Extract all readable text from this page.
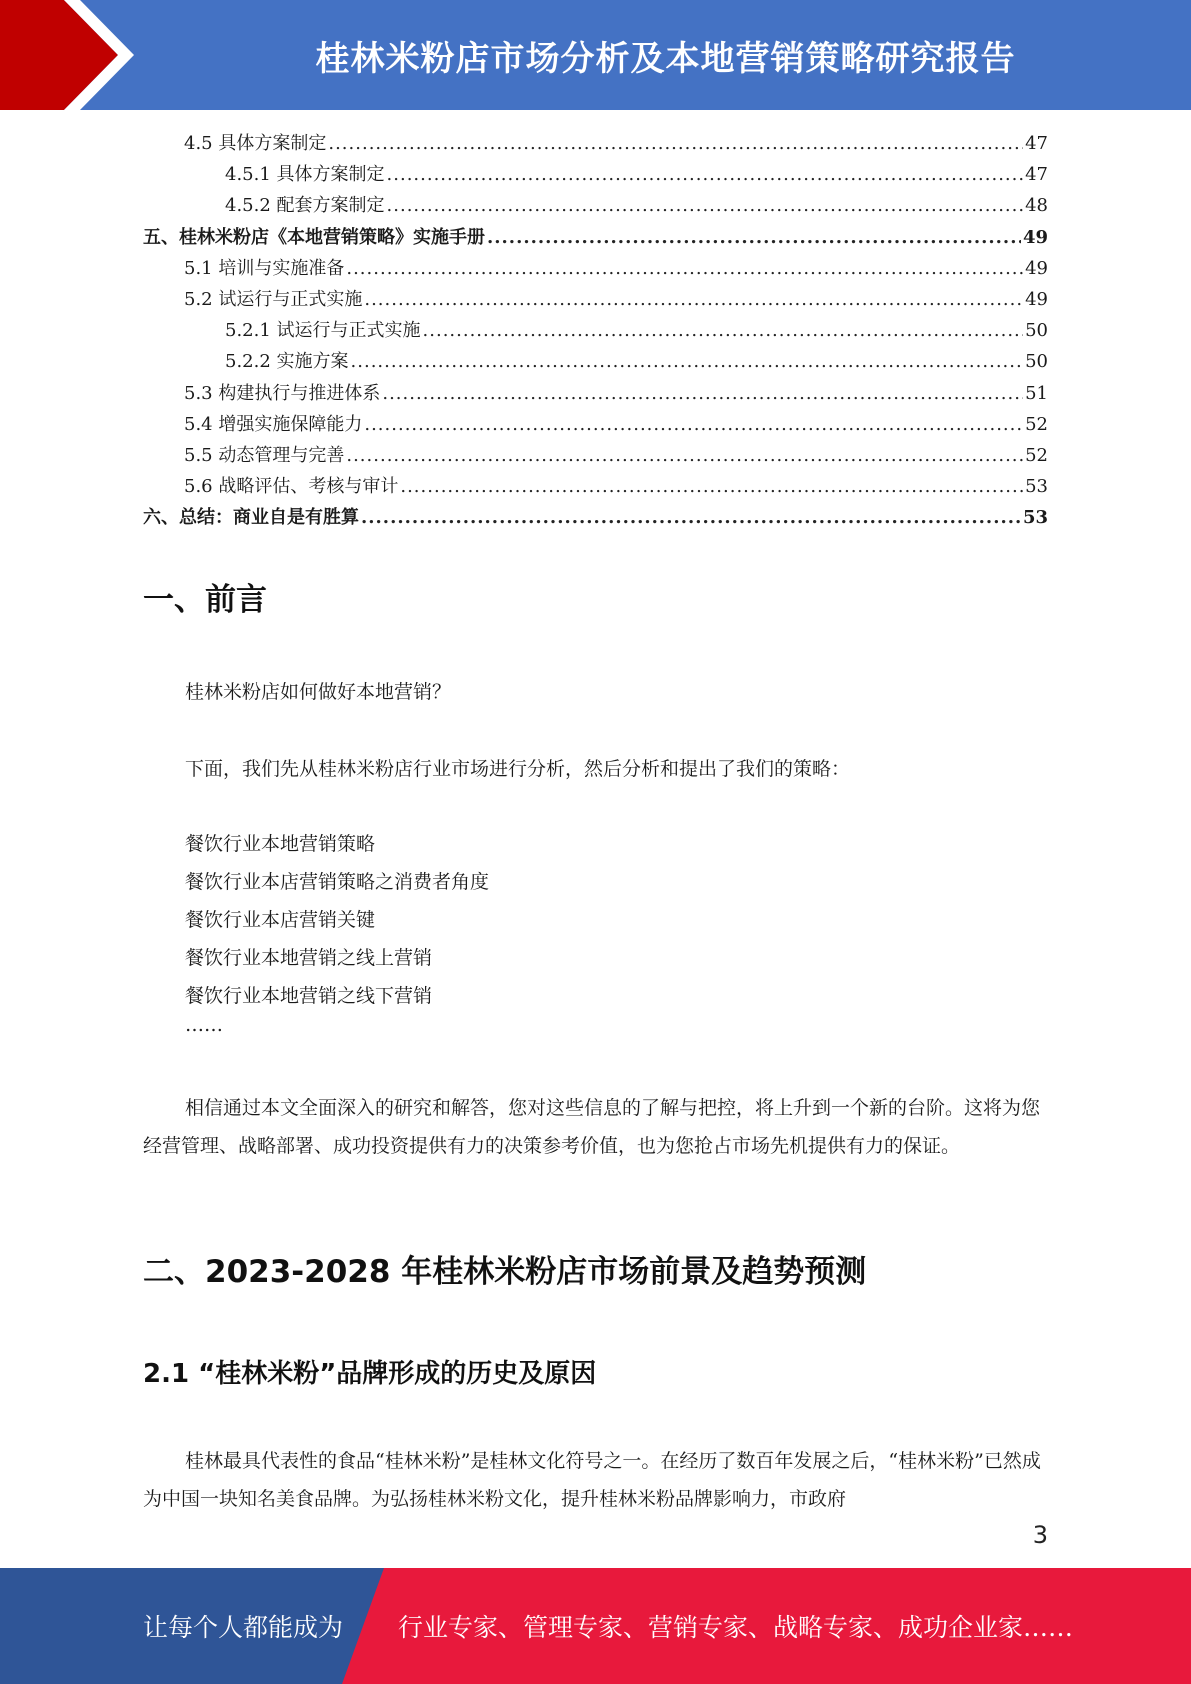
桂林米粉店市场分析及本地营销策略研究报告
4.5 具体方案制定 .....	47
4.5.1 具体方案制定 .....	47
4.5.2 配套方案制定 .....	48
五、桂林米粉店《本地营销策略》实施手册 .....	49
5.1 培训与实施准备 .....	49
5.2 试运行与正式实施 .....	49
5.2.1 试运行与正式实施 .....	50
5.2.2 实施方案 .....	50
5.3 构建执行与推进体系 .....	51
5.4 增强实施保障能力 .....	52
5.5 动态管理与完善 .....	52
5.6 战略评估、考核与审计 .....	53
六、总结：商业自是有胜算 .....	53
一、前言
桂林米粉店如何做好本地营销？
下面，我们先从桂林米粉店行业市场进行分析，然后分析和提出了我们的策略：
餐饮行业本地营销策略
餐饮行业本店营销策略之消费者角度
餐饮行业本店营销关键
餐饮行业本地营销之线上营销
餐饮行业本地营销之线下营销
……

相信通过本文全面深入的研究和解答，您对这些信息的了解与把控，将上升到一个新的台阶。这将为您经营管理、战略部署、成功投资提供有力的决策参考价值，也为您抢占市场先机提供有力的保证。

二、2023-2028 年桂林米粉店市场前景及趋势预测
2.1 “桂林米粉”品牌形成的历史及原因

桂林最具代表性的食品“桂林米粉”是桂林文化符号之一。在经历了数百年发展之后，“桂林米粉”已然成为中国一块知名美食品牌。为弘扬桂林米粉文化，提升桂林米粉品牌影响力，市政府

3
让每个人都能成为 行业专家、管理专家、营销专家、战略专家、成功企业家……
